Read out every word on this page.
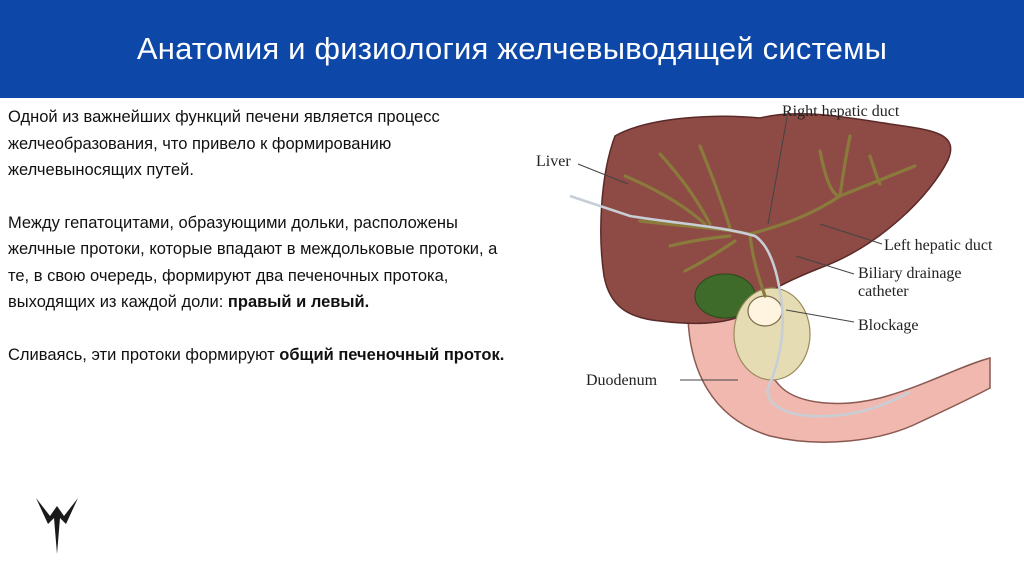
Анатомия и физиология желчевыводящей системы

Одной из важнейших функций печени является процесс желчеобразования, что привело к формированию желчевыносящих путей.

Между гепатоцитами, образующими дольки, расположены желчные протоки, которые впадают в междольковые протоки, а те, в свою очередь, формируют два печеночных протока, выходящих из каждой доли: правый и левый.

Сливаясь, эти протоки формируют общий печеночный проток.

Right hepatic duct
Liver
Left hepatic duct
Biliary drainage
catheter
Blockage
Duodenum
